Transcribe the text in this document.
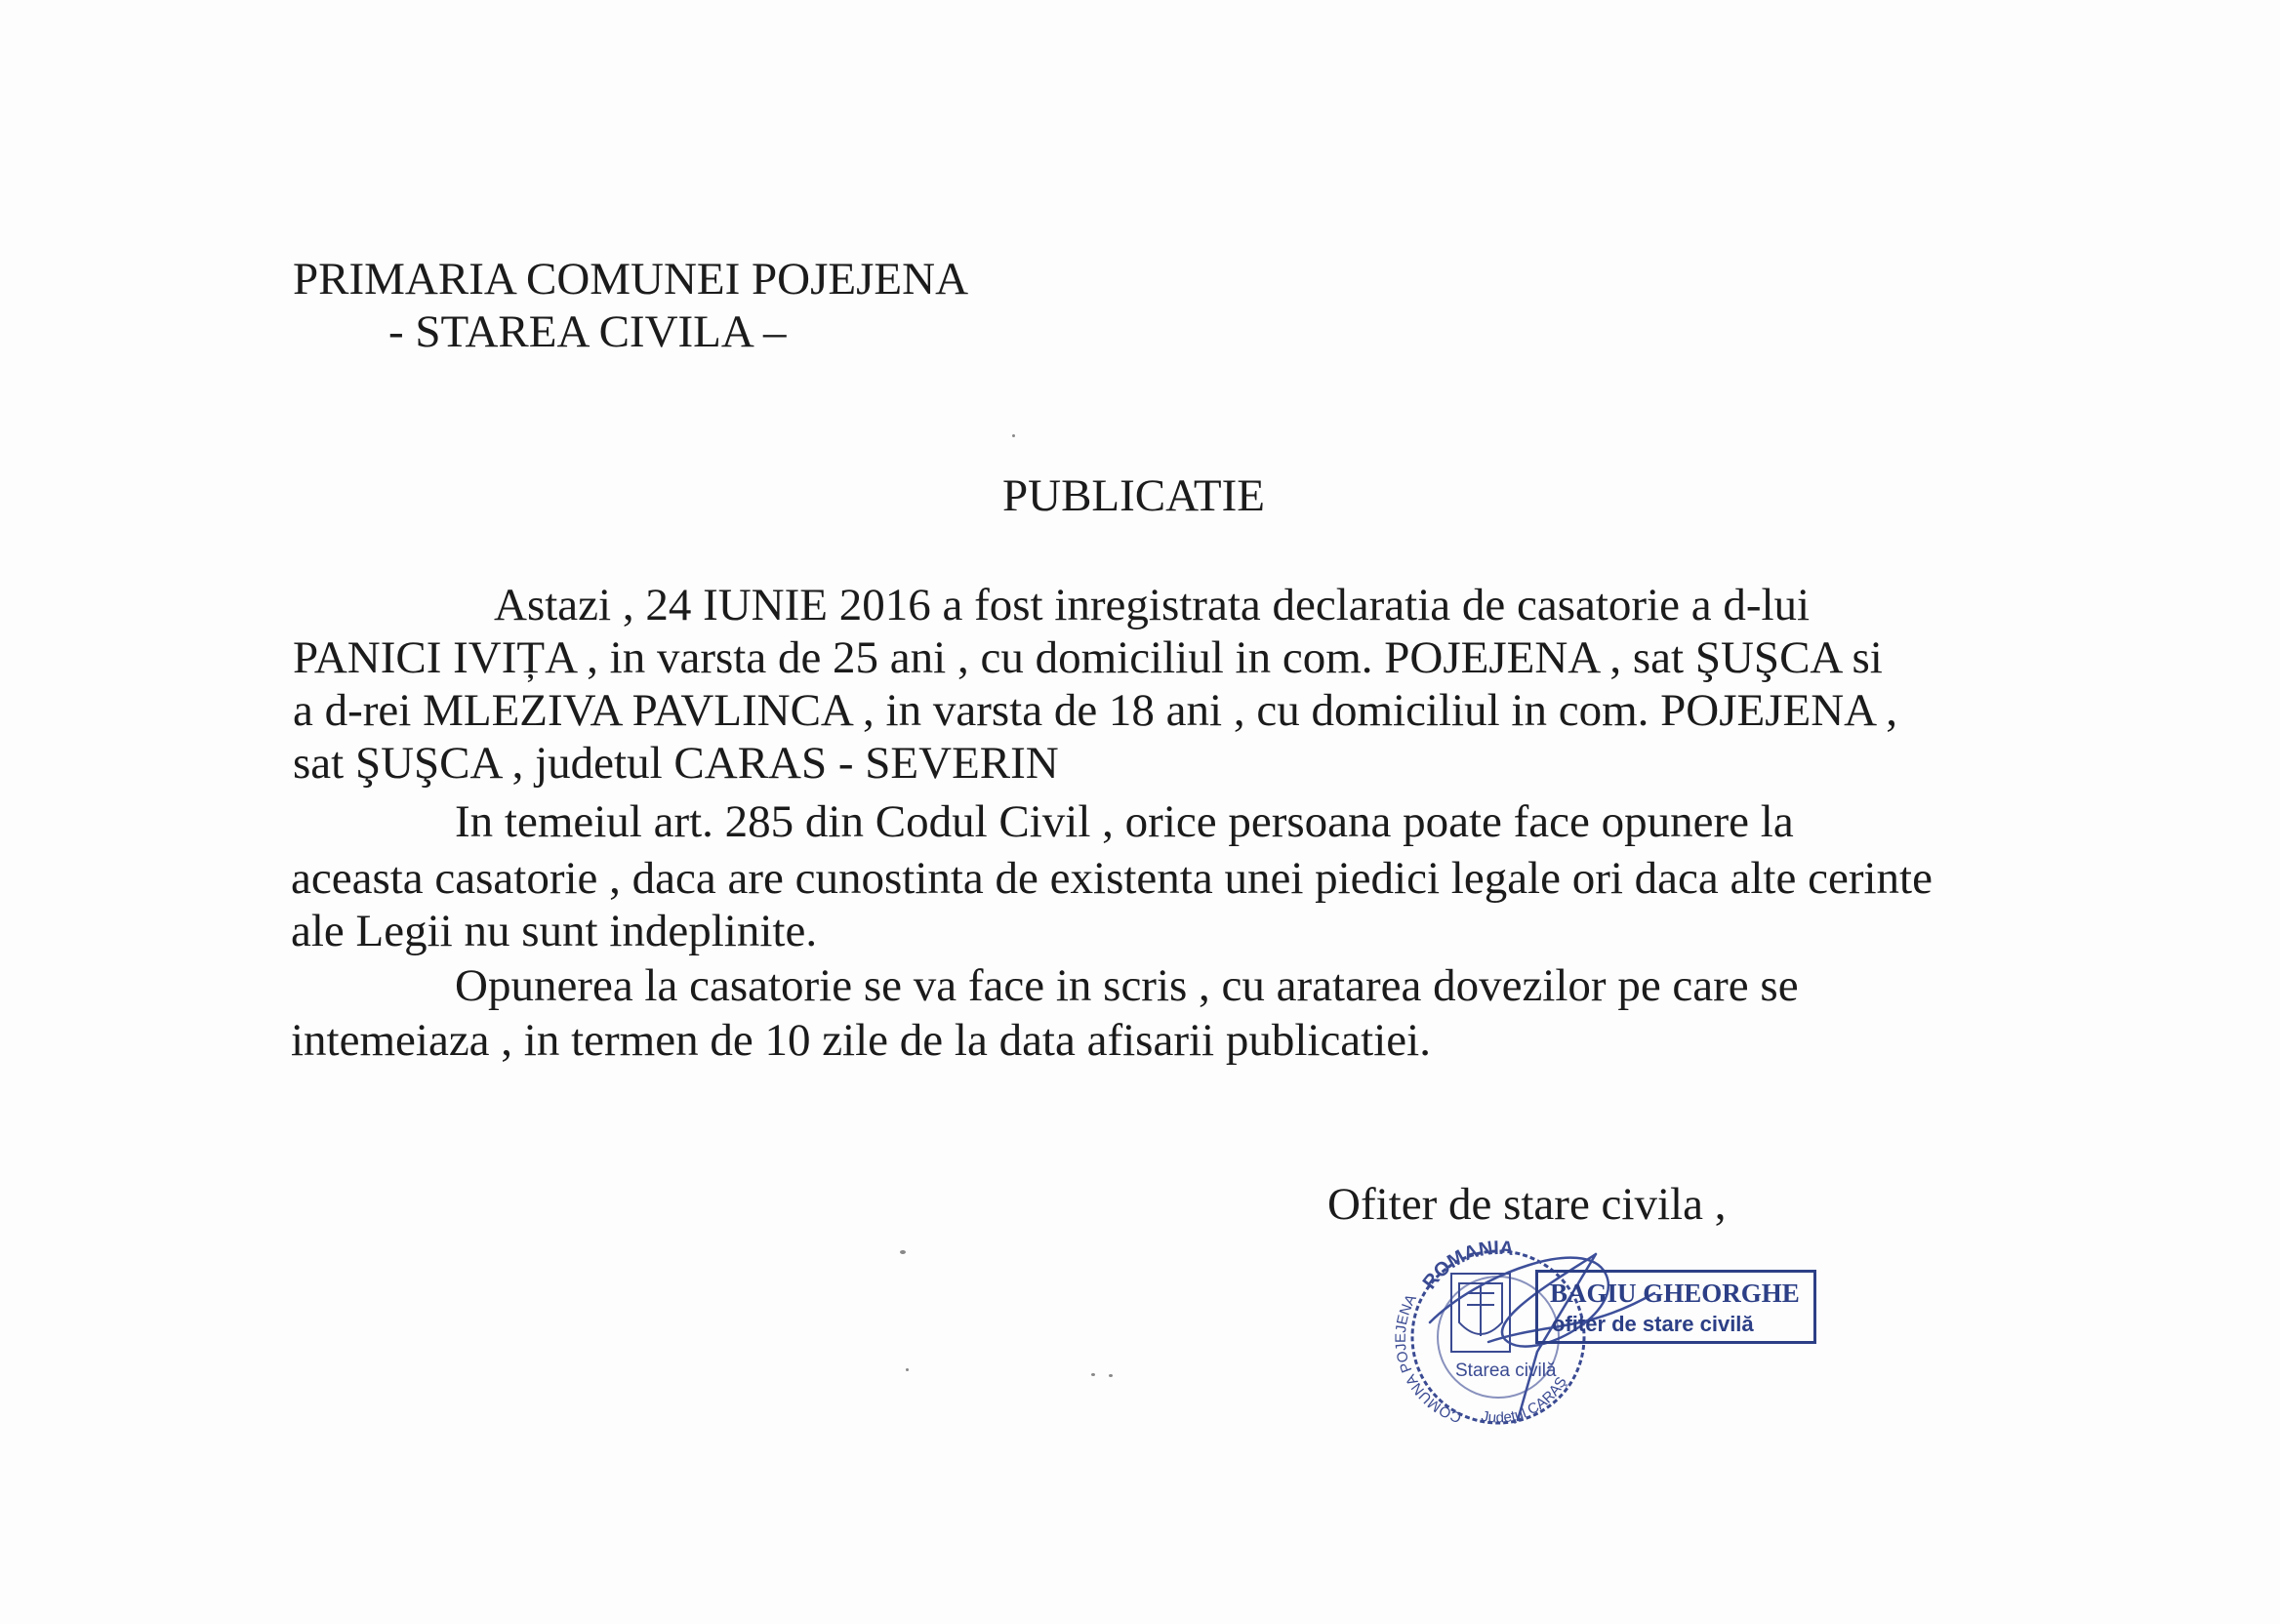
PRIMARIA COMUNEI POJEJENA
- STAREA CIVILA –
PUBLICATIE
Astazi , 24 IUNIE 2016 a fost inregistrata declaratia de casatorie a d-lui
PANICI IVIȚA , in varsta de 25 ani , cu domiciliul in com. POJEJENA , sat ŞUŞCA si
a d-rei MLEZIVA PAVLINCA , in varsta de 18 ani , cu domiciliul in com. POJEJENA ,
sat ŞUŞCA , judetul CARAS - SEVERIN
In temeiul art. 285 din Codul Civil , orice persoana poate face opunere la
aceasta casatorie , daca are cunostinta de existenta unei piedici legale ori daca alte cerinte
ale Legii nu sunt indeplinite.
Opunerea la casatorie se va face in scris , cu aratarea dovezilor pe care se
intemeiaza , in termen de 10 zile de la data afisarii publicatiei.
Ofiter de stare civila ,
ROMANIA
COMUNA POJEJENA
Judeţul CARAŞ
Starea civilă
BAGIU GHEORGHE
ofiter de stare civilă
